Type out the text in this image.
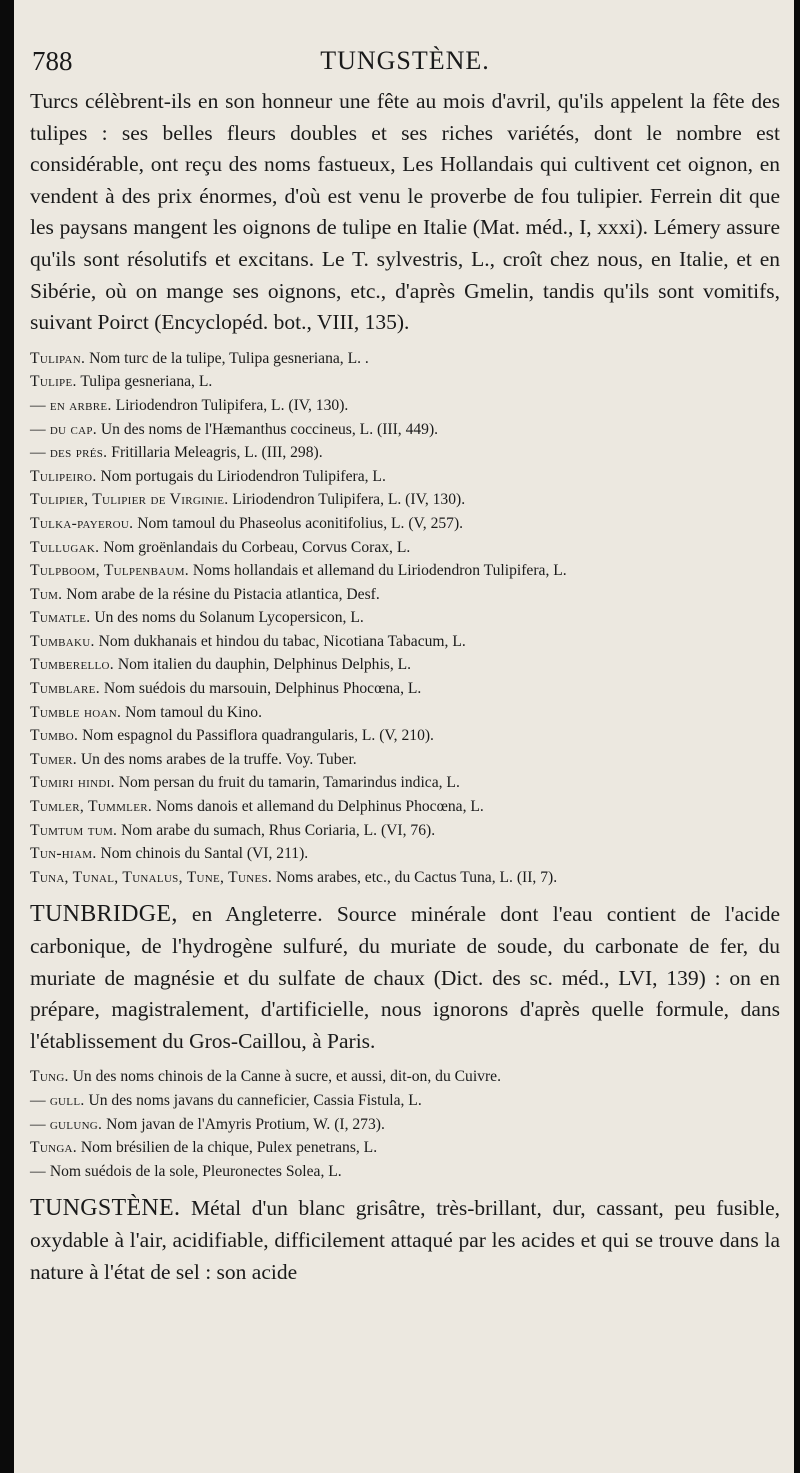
788	TUNGSTÈNE.

Turcs célèbrent-ils en son honneur une fête au mois d'avril, qu'ils appelent la fête des tulipes : ses belles fleurs doubles et ses riches variétés, dont le nombre est considérable, ont reçu des noms fastueux, Les Hollandais qui cultivent cet oignon, en vendent à des prix énormes, d'où est venu le proverbe de fou tulipier. Ferrein dit que les paysans mangent les oignons de tulipe en Italie (Mat. méd., I, xxxi). Lémery assure qu'ils sont résolutifs et excitans. Le T. sylvestris, L., croît chez nous, en Italie, et en Sibérie, où on mange ses oignons, etc., d'après Gmelin, tandis qu'ils sont vomitifs, suivant Poirct (Encyclopéd. bot., VIII, 135).

Tulipan. Nom turc de la tulipe, Tulipa gesneriana, L. .
Tulipe. Tulipa gesneriana, L.
— en arbre. Liriodendron Tulipifera, L. (IV, 130).
— du cap. Un des noms de l'Hæmanthus coccineus, L. (III, 449).
— des prés. Fritillaria Meleagris, L. (III, 298).
Tulipeiro. Nom portugais du Liriodendron Tulipifera, L.
Tulipier, Tulipier de Virginie. Liriodendron Tulipifera, L. (IV, 130).
Tulka-payerou. Nom tamoul du Phaseolus aconitifolius, L. (V, 257).
Tullugak. Nom groënlandais du Corbeau, Corvus Corax, L.
Tulpboom, Tulpenbaum. Noms hollandais et allemand du Liriodendron Tulipifera, L.
Tum. Nom arabe de la résine du Pistacia atlantica, Desf.
Tumatle. Un des noms du Solanum Lycopersicon, L.
Tumbaku. Nom dukhanais et hindou du tabac, Nicotiana Tabacum, L.
Tumberello. Nom italien du dauphin, Delphinus Delphis, L.
Tumblare. Nom suédois du marsouin, Delphinus Phocœna, L.
Tumble hoan. Nom tamoul du Kino.
Tumbo. Nom espagnol du Passiflora quadrangularis, L. (V, 210).
Tumer. Un des noms arabes de la truffe. Voy. Tuber.
Tumiri hindi. Nom persan du fruit du tamarin, Tamarindus indica, L.
Tumler, Tummler. Noms danois et allemand du Delphinus Phocœna, L.
Tumtum tum. Nom arabe du sumach, Rhus Coriaria, L. (VI, 76).
Tun-hiam. Nom chinois du Santal (VI, 211).
Tuna, Tunal, Tunalus, Tune, Tunes. Noms arabes, etc., du Cactus Tuna, L. (II, 7).

TUNBRIDGE, en Angleterre. Source minérale dont l'eau contient de l'acide carbonique, de l'hydrogène sulfuré, du muriate de soude, du carbonate de fer, du muriate de magnésie et du sulfate de chaux (Dict. des sc. méd., LVI, 139) : on en prépare, magistralement, d'artificielle, nous ignorons d'après quelle formule, dans l'établissement du Gros-Caillou, à Paris.

Tung. Un des noms chinois de la Canne à sucre, et aussi, dit-on, du Cuivre.
— gull. Un des noms javans du canneficier, Cassia Fistula, L.
— gulung. Nom javan de l'Amyris Protium, W. (I, 273).
Tunga. Nom brésilien de la chique, Pulex penetrans, L.
— Nom suédois de la sole, Pleuronectes Solea, L.

TUNGSTÈNE. Métal d'un blanc grisâtre, très-brillant, dur, cassant, peu fusible, oxydable à l'air, acidifiable, difficilement attaqué par les acides et qui se trouve dans la nature à l'état de sel : son acide
